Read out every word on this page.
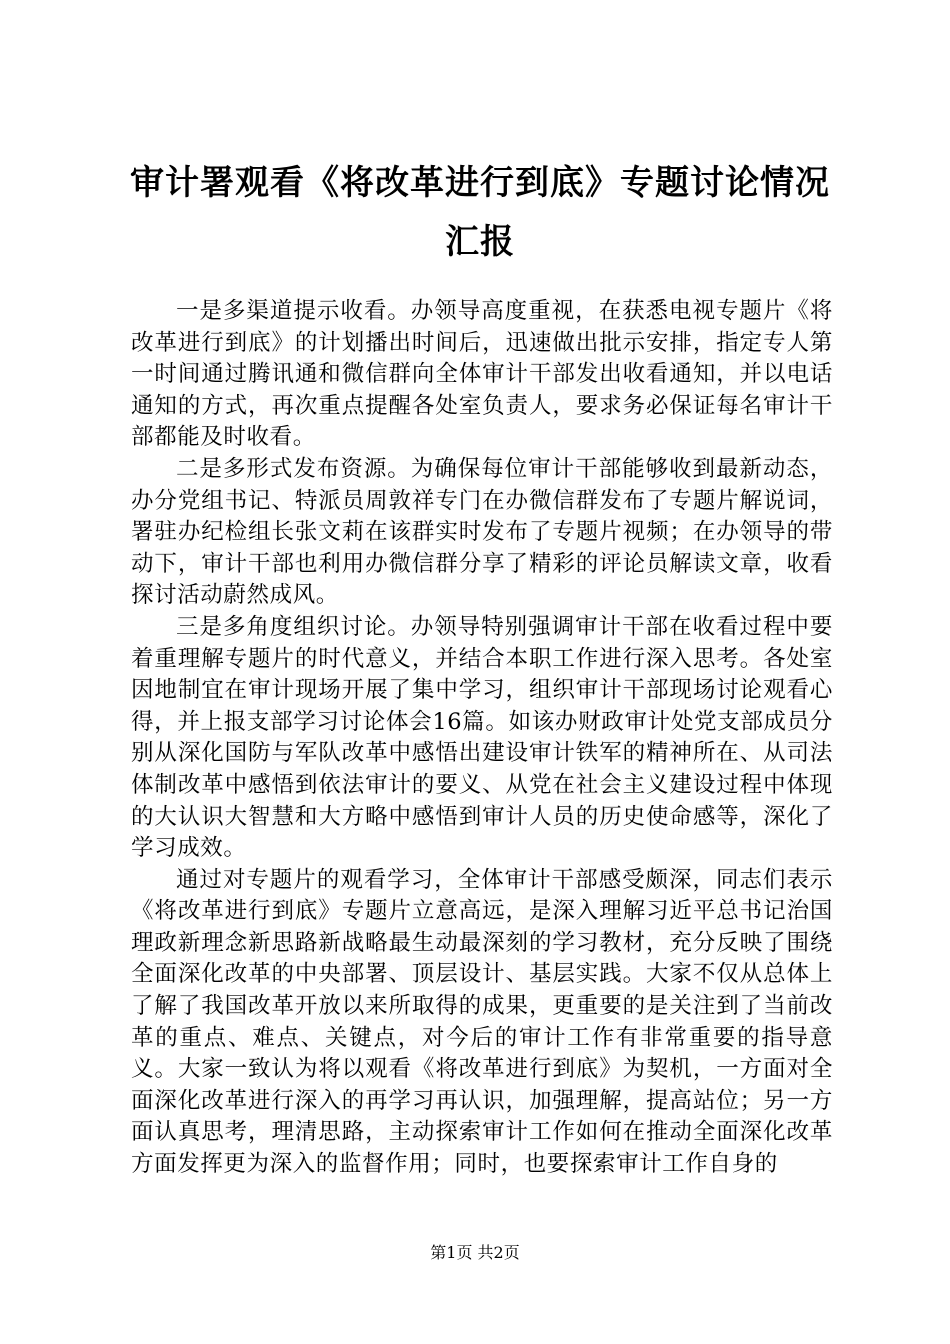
审计署观看《将改革进行到底》专题讨论情况
汇报

一是多渠道提示收看。办领导高度重视，在获悉电视专题片《将改革进行到底》的计划播出时间后，迅速做出批示安排，指定专人第一时间通过腾讯通和微信群向全体审计干部发出收看通知，并以电话通知的方式，再次重点提醒各处室负责人，要求务必保证每名审计干部都能及时收看。

二是多形式发布资源。为确保每位审计干部能够收到最新动态，办分党组书记、特派员周敦祥专门在办微信群发布了专题片解说词，署驻办纪检组长张文莉在该群实时发布了专题片视频；在办领导的带动下，审计干部也利用办微信群分享了精彩的评论员解读文章，收看探讨活动蔚然成风。

三是多角度组织讨论。办领导特别强调审计干部在收看过程中要着重理解专题片的时代意义，并结合本职工作进行深入思考。各处室因地制宜在审计现场开展了集中学习，组织审计干部现场讨论观看心得，并上报支部学习讨论体会16篇。如该办财政审计处党支部成员分别从深化国防与军队改革中感悟出建设审计铁军的精神所在、从司法体制改革中感悟到依法审计的要义、从党在社会主义建设过程中体现的大认识大智慧和大方略中感悟到审计人员的历史使命感等，深化了学习成效。

通过对专题片的观看学习，全体审计干部感受颇深，同志们表示《将改革进行到底》专题片立意高远，是深入理解习近平总书记治国理政新理念新思路新战略最生动最深刻的学习教材，充分反映了围绕全面深化改革的中央部署、顶层设计、基层实践。大家不仅从总体上了解了我国改革开放以来所取得的成果，更重要的是关注到了当前改革的重点、难点、关键点，对今后的审计工作有非常重要的指导意义。大家一致认为将以观看《将改革进行到底》为契机，一方面对全面深化改革进行深入的再学习再认识，加强理解，提高站位；另一方面认真思考，理清思路，主动探索审计工作如何在推动全面深化改革方面发挥更为深入的监督作用；同时，也要探索审计工作自身的

第1页 共2页
